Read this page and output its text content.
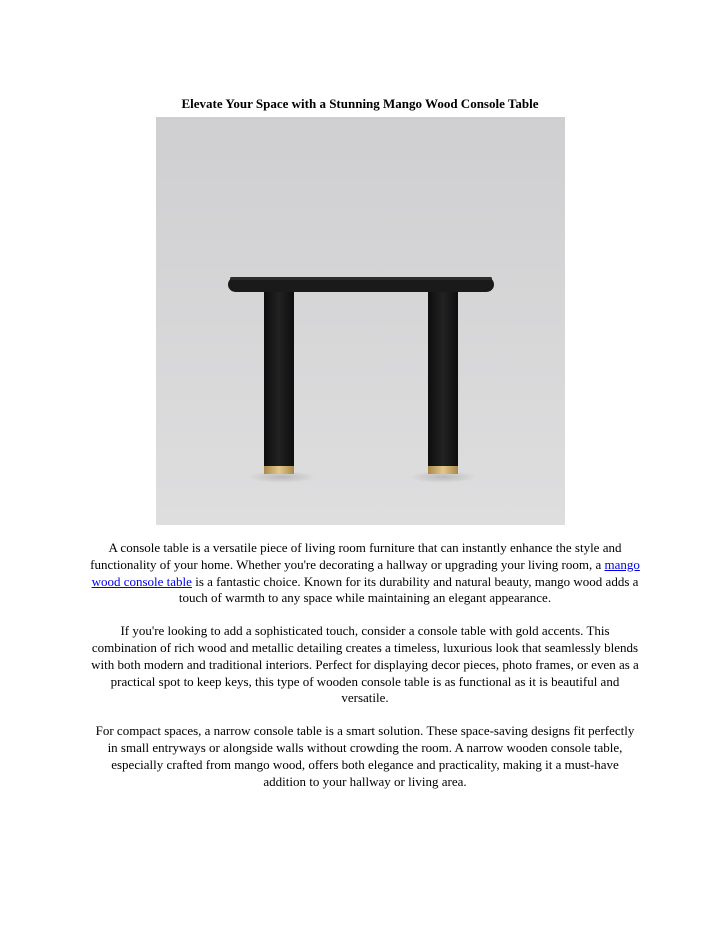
Elevate Your Space with a Stunning Mango Wood Console Table

A console table is a versatile piece of living room furniture that can instantly enhance the style and functionality of your home. Whether you're decorating a hallway or upgrading your living room, a mango wood console table is a fantastic choice. Known for its durability and natural beauty, mango wood adds a touch of warmth to any space while maintaining an elegant appearance.

If you're looking to add a sophisticated touch, consider a console table with gold accents. This combination of rich wood and metallic detailing creates a timeless, luxurious look that seamlessly blends with both modern and traditional interiors. Perfect for displaying decor pieces, photo frames, or even as a practical spot to keep keys, this type of wooden console table is as functional as it is beautiful and versatile.

For compact spaces, a narrow console table is a smart solution. These space-saving designs fit perfectly in small entryways or alongside walls without crowding the room. A narrow wooden console table, especially crafted from mango wood, offers both elegance and practicality, making it a must-have addition to your hallway or living area.
